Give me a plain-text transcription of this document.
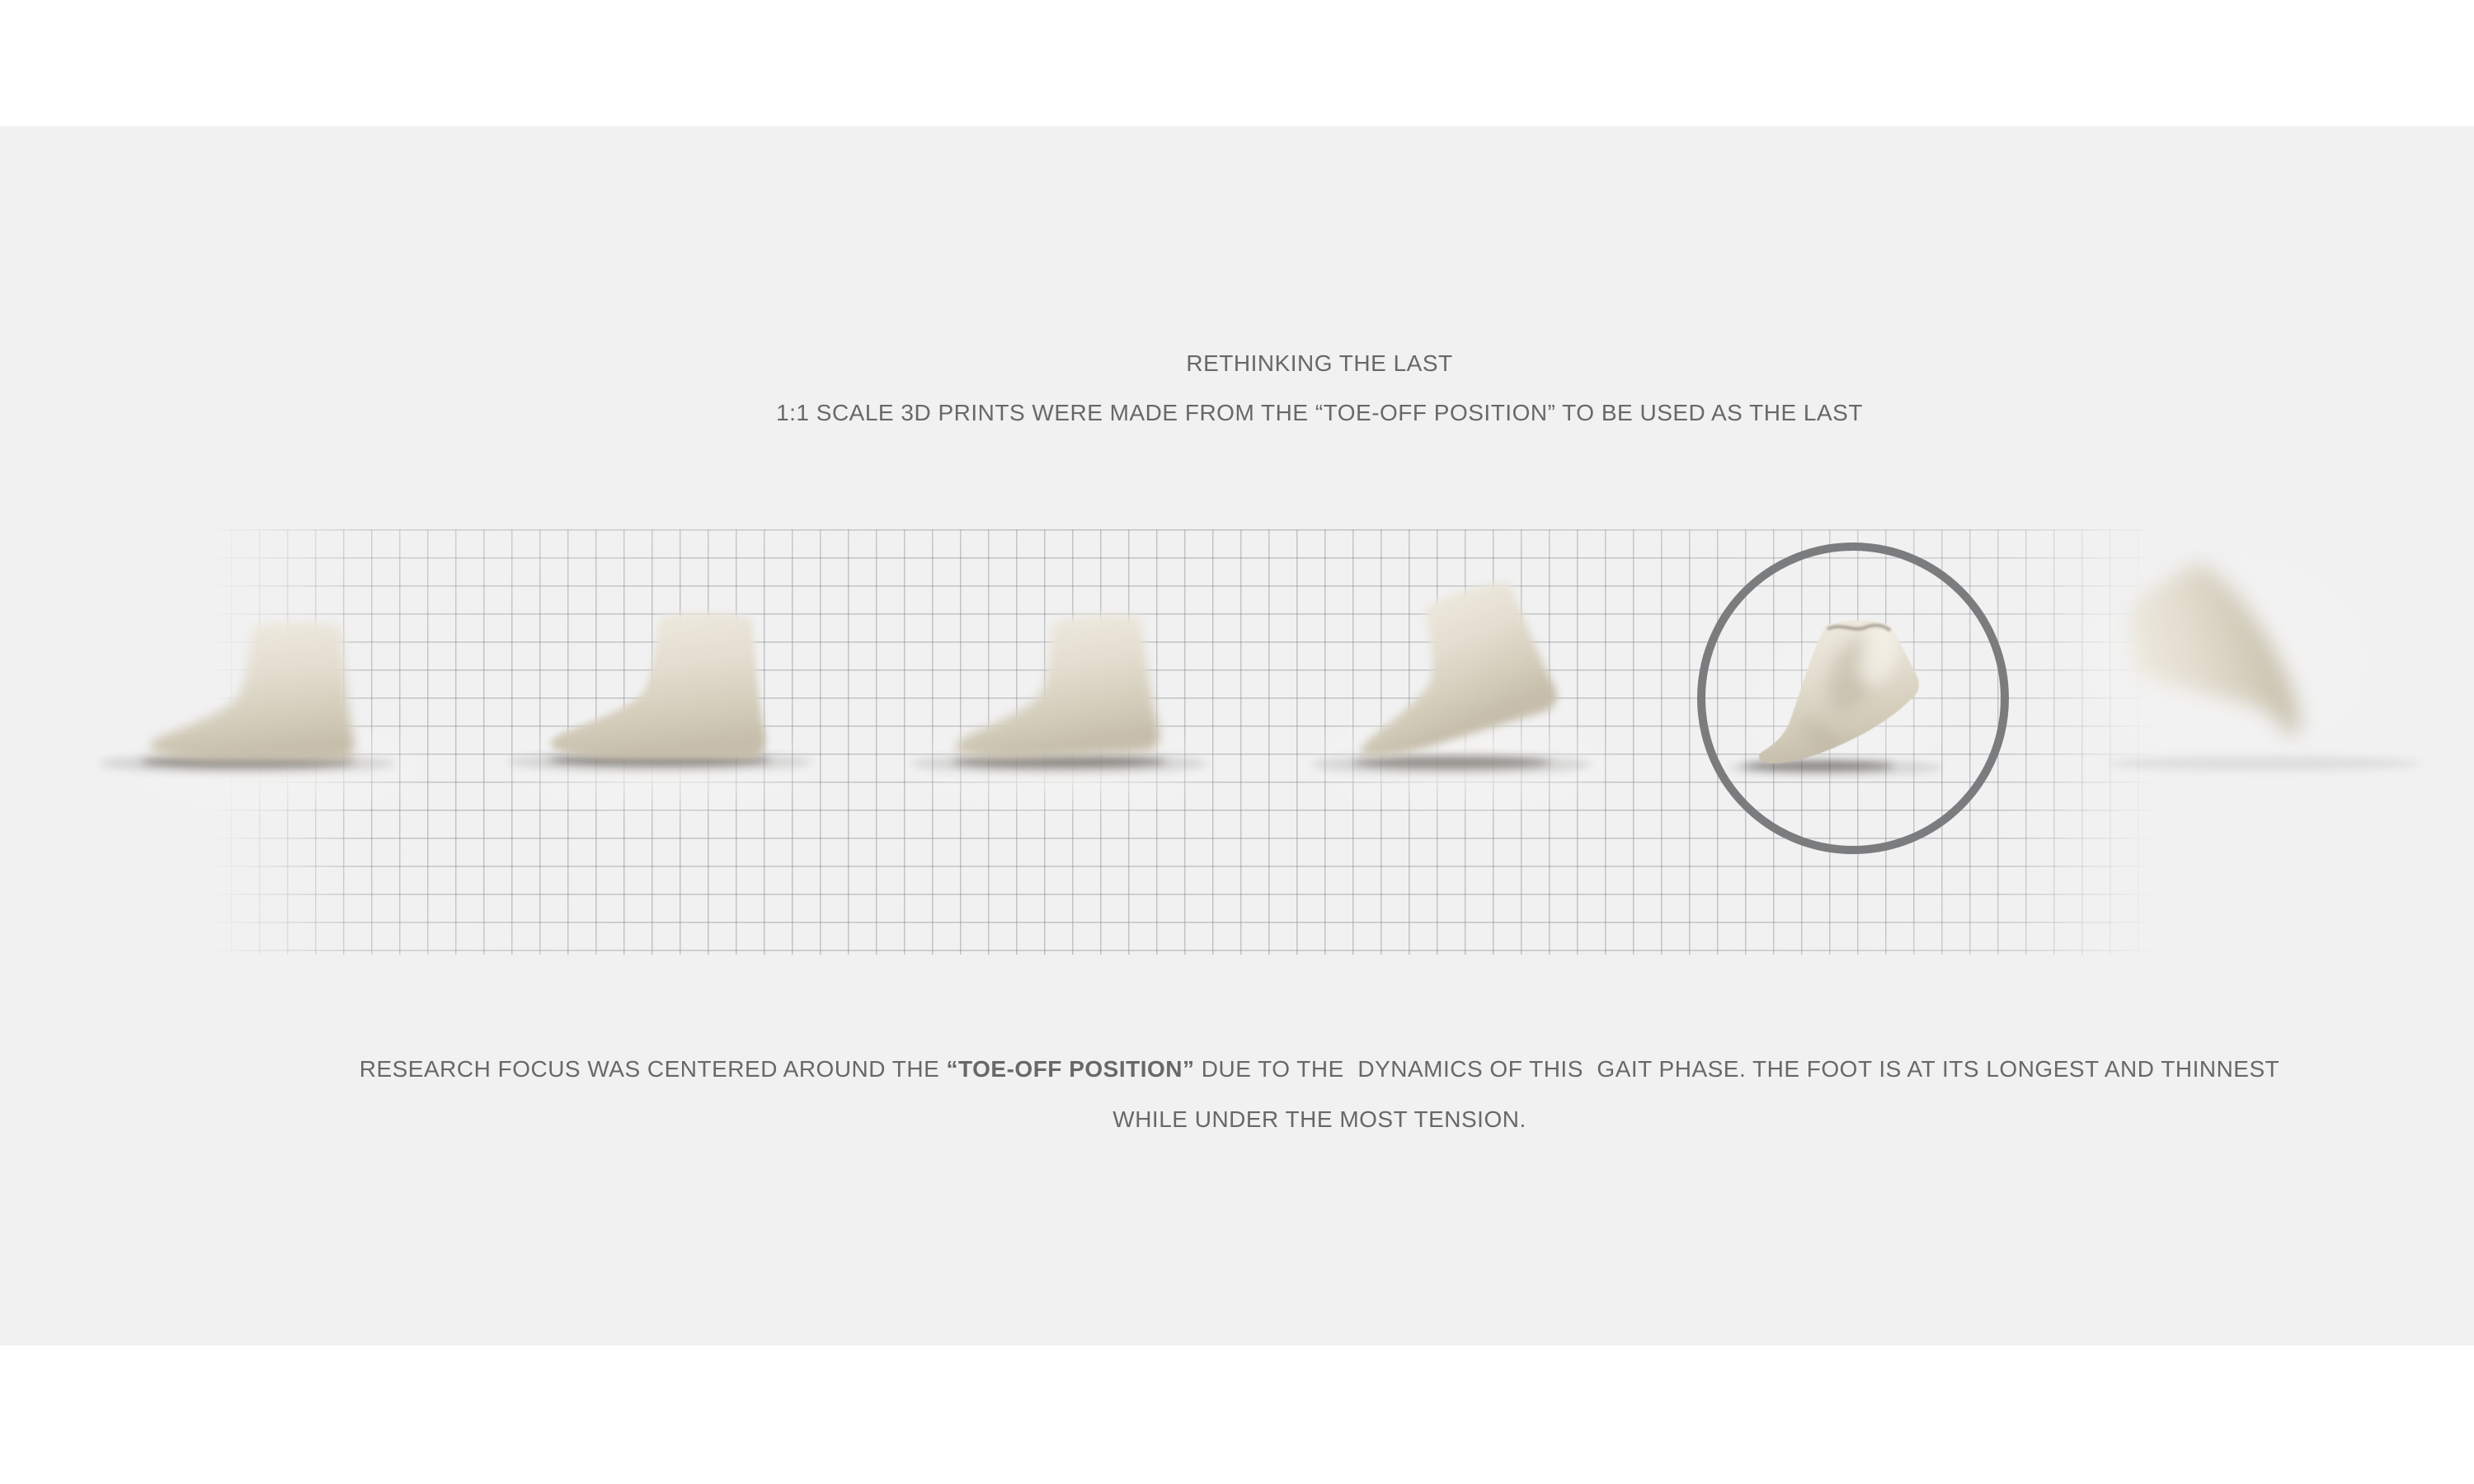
RETHINKING THE LAST
1:1 SCALE 3D PRINTS WERE MADE FROM THE “TOE-OFF POSITION” TO BE USED AS THE LAST
RESEARCH FOCUS WAS CENTERED AROUND THE “TOE-OFF POSITION” DUE TO THE  DYNAMICS OF THIS  GAIT PHASE. THE FOOT IS AT ITS LONGEST AND THINNEST
WHILE UNDER THE MOST TENSION.
